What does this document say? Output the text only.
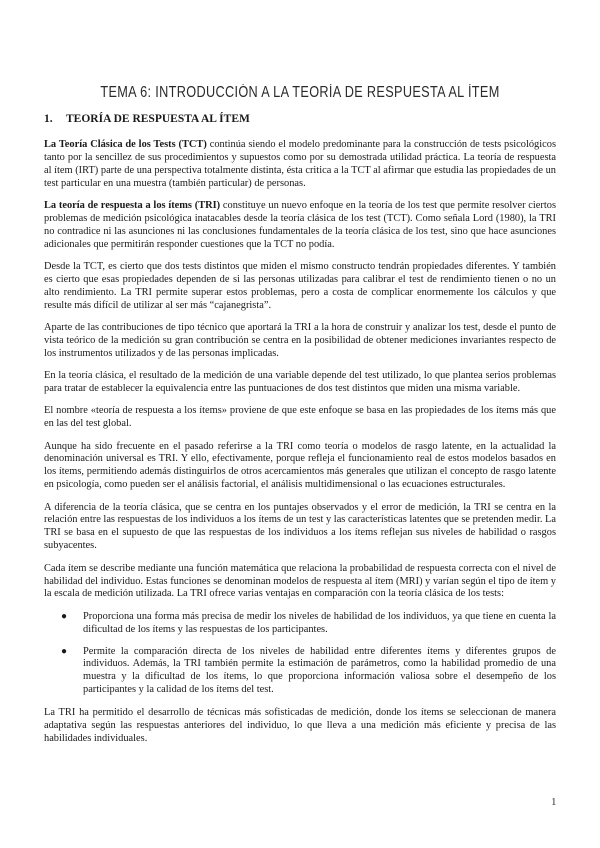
TEMA 6: INTRODUCCIÓN A LA TEORÍA DE RESPUESTA AL ÍTEM
1. TEORÍA DE RESPUESTA AL ÍTEM

La Teoría Clásica de los Tests (TCT) continúa siendo el modelo predominante para la construcción de tests psicológicos tanto por la sencillez de sus procedimientos y supuestos como por su demostrada utilidad práctica. La teoría de respuesta al ítem (IRT) parte de una perspectiva totalmente distinta, ésta critica a la TCT al afirmar que estudia las propiedades de un test particular en una muestra (también particular) de personas.

La teoría de respuesta a los ítems (TRI) constituye un nuevo enfoque en la teoría de los test que permite resolver ciertos problemas de medición psicológica inatacables desde la teoría clásica de los test (TCT). Como señala Lord (1980), la TRI no contradice ni las asunciones ni las conclusiones fundamentales de la teoría clásica de los test, sino que hace asunciones adicionales que permitirán responder cuestiones que la TCT no podía.

Desde la TCT, es cierto que dos tests distintos que miden el mismo constructo tendrán propiedades diferentes. Y también es cierto que esas propiedades dependen de si las personas utilizadas para calibrar el test de rendimiento tienen o no un alto rendimiento. La TRI permite superar estos problemas, pero a costa de complicar enormemente los cálculos y que resulte más difícil de utilizar al ser más “cajanegrista”.

Aparte de las contribuciones de tipo técnico que aportará la TRI a la hora de construir y analizar los test, desde el punto de vista teórico de la medición su gran contribución se centra en la posibilidad de obtener mediciones invariantes respecto de los instrumentos utilizados y de las personas implicadas.

En la teoría clásica, el resultado de la medición de una variable depende del test utilizado, lo que plantea serios problemas para tratar de establecer la equivalencia entre las puntuaciones de dos test distintos que miden una misma variable.

El nombre «teoría de respuesta a los ítems» proviene de que este enfoque se basa en las propiedades de los ítems más que en las del test global.

Aunque ha sido frecuente en el pasado referirse a la TRI como teoría o modelos de rasgo latente, en la actualidad la denominación universal es TRI. Y ello, efectivamente, porque refleja el funcionamiento real de estos modelos basados en los ítems, permitiendo además distinguirlos de otros acercamientos más generales que utilizan el concepto de rasgo latente en psicología, como pueden ser el análisis factorial, el análisis multidimensional o las ecuaciones estructurales.

A diferencia de la teoría clásica, que se centra en los puntajes observados y el error de medición, la TRI se centra en la relación entre las respuestas de los individuos a los ítems de un test y las características latentes que se pretenden medir. La TRI se basa en el supuesto de que las respuestas de los individuos a los ítems reflejan sus niveles de habilidad o rasgos subyacentes.

Cada ítem se describe mediante una función matemática que relaciona la probabilidad de respuesta correcta con el nivel de habilidad del individuo. Estas funciones se denominan modelos de respuesta al ítem (MRI) y varían según el tipo de ítem y la escala de medición utilizada. La TRI ofrece varias ventajas en comparación con la teoría clásica de los tests:

● Proporciona una forma más precisa de medir los niveles de habilidad de los individuos, ya que tiene en cuenta la dificultad de los ítems y las respuestas de los participantes.
● Permite la comparación directa de los niveles de habilidad entre diferentes ítems y diferentes grupos de individuos. Además, la TRI también permite la estimación de parámetros, como la habilidad promedio de una muestra y la dificultad de los ítems, lo que proporciona información valiosa sobre el desempeño de los participantes y la calidad de los ítems del test.

La TRI ha permitido el desarrollo de técnicas más sofisticadas de medición, donde los ítems se seleccionan de manera adaptativa según las respuestas anteriores del individuo, lo que lleva a una medición más eficiente y precisa de las habilidades individuales.

1
